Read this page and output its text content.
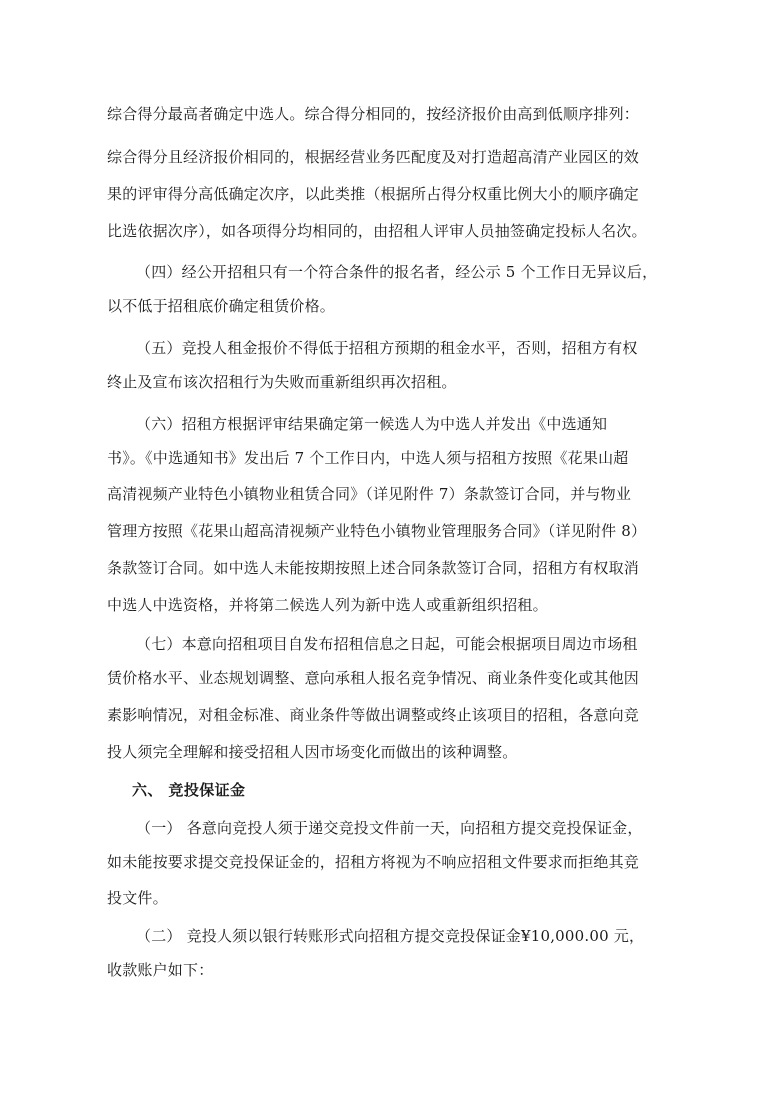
综合得分最高者确定中选人。综合得分相同的，按经济报价由高到低顺序排列：
综合得分且经济报价相同的，根据经营业务匹配度及对打造超高清产业园区的效
果的评审得分高低确定次序，以此类推（根据所占得分权重比例大小的顺序确定
比选依据次序），如各项得分均相同的，由招租人评审人员抽签确定投标人名次。
（四）经公开招租只有一个符合条件的报名者，经公示 5 个工作日无异议后，
以不低于招租底价确定租赁价格。
（五）竞投人租金报价不得低于招租方预期的租金水平，否则，招租方有权
终止及宣布该次招租行为失败而重新组织再次招租。
（六）招租方根据评审结果确定第一候选人为中选人并发出《中选通知
书》。《中选通知书》发出后 7 个工作日内，中选人须与招租方按照《花果山超
高清视频产业特色小镇物业租赁合同》（详见附件 7）条款签订合同，并与物业
管理方按照《花果山超高清视频产业特色小镇物业管理服务合同》（详见附件 8）
条款签订合同。如中选人未能按期按照上述合同条款签订合同，招租方有权取消
中选人中选资格，并将第二候选人列为新中选人或重新组织招租。
（七）本意向招租项目自发布招租信息之日起，可能会根据项目周边市场租
赁价格水平、业态规划调整、意向承租人报名竞争情况、商业条件变化或其他因
素影响情况，对租金标准、商业条件等做出调整或终止该项目的招租，各意向竞
投人须完全理解和接受招租人因市场变化而做出的该种调整。
六、 竞投保证金
（一） 各意向竞投人须于递交竞投文件前一天，向招租方提交竞投保证金，
如未能按要求提交竞投保证金的，招租方将视为不响应招租文件要求而拒绝其竞
投文件。
（二） 竞投人须以银行转账形式向招租方提交竞投保证金¥10,000.00 元，
收款账户如下：
